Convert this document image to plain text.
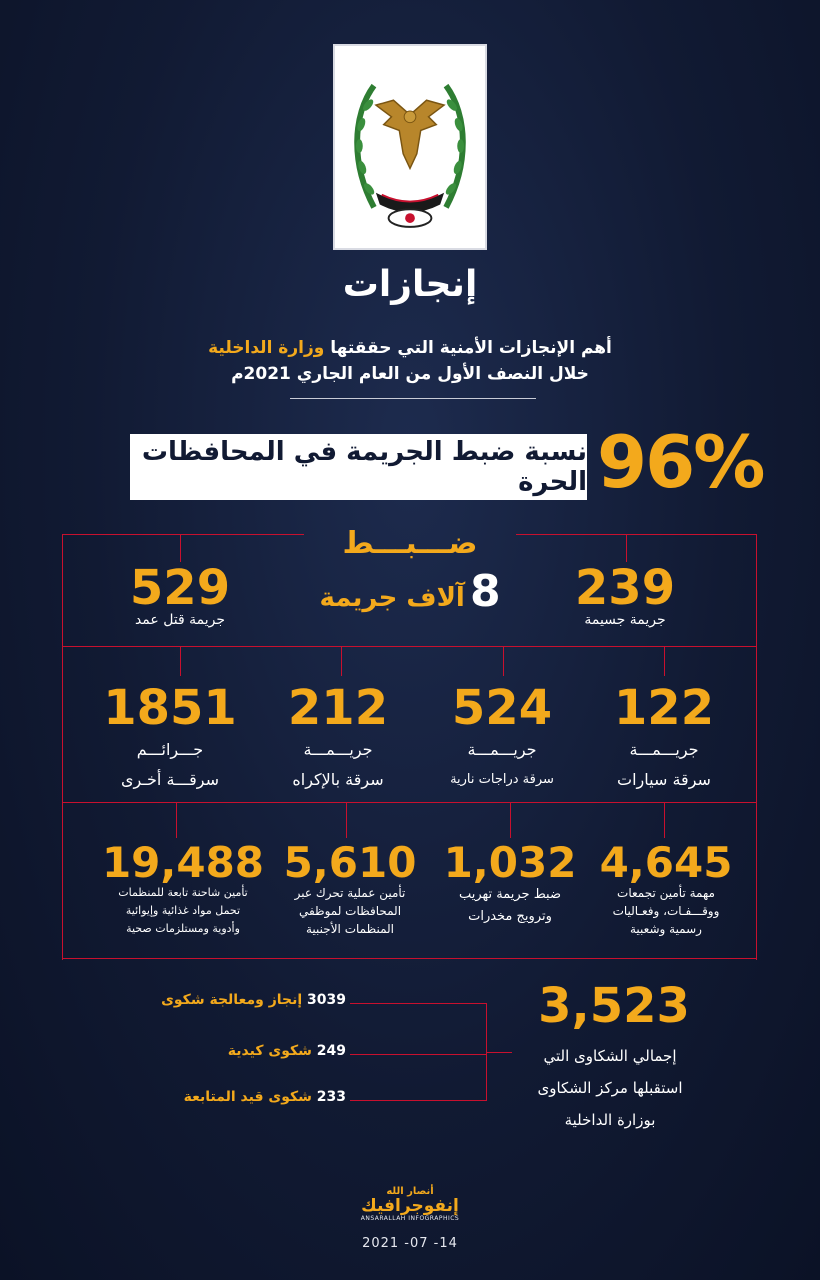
إنجازات
أهم الإنجازات الأمنية التي حققتها وزارة الداخلية
خلال النصف الأول من العام الجاري 2021م
نسبة ضبط الجريمة في المحافظات الحرة 96%
ضـــبـــط
8 آلاف جريمة
529
جريمة قتل عمد
239
جريمة جسيمة
122
جريـــمـــة
سرقة سيارات
524
جريـــمـــة
سرقة دراجات نارية
212
جريـــمـــة
سرقة بالإكراه
1851
جـــرائـــم
سرقـــة أخـرى
4,645
مهمة تأمين تجمعات
ووقـــفـات، وفعـاليات
رسمية وشعبية
1,032
ضبط جريمة تهريب
وترويج مخدرات
5,610
تأمين عملية تحرك عبر
المحافظات لموظفي
المنظمات الأجنبية
19,488
تأمين شاحنة تابعة للمنظمات
تحمل مواد غذائية وإيوائية
وأدوية ومستلزمات صحية
3,523
إجمالي الشكاوى التي
استقبلها مركز الشكاوى
بوزارة الداخلية
3039 إنجاز ومعالجة شكوى
249 شكوى كيدية
233 شكوى قيد المتابعة
أنصار الله
إنفوجرافيك
ANSARALLAH INFOGRAPHICS
2021 -07 -14
